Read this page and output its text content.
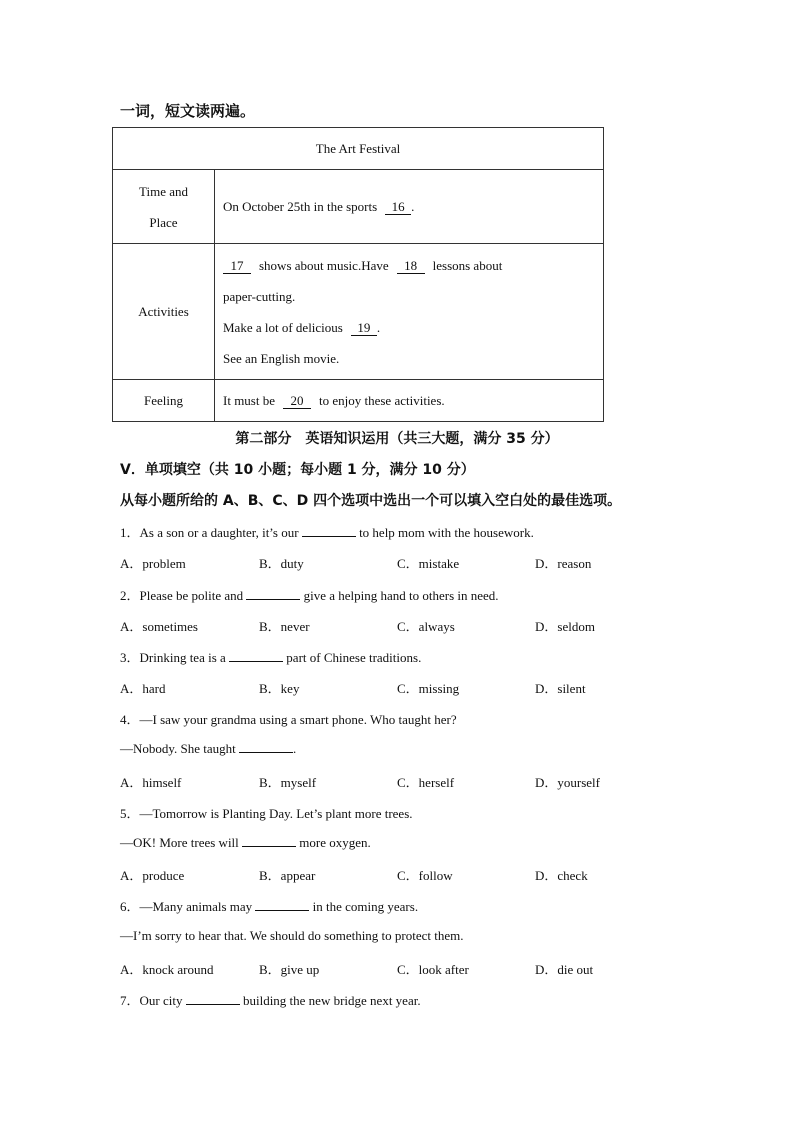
一词，短文读两遍。
The Art Festival	

Time and
Place	On October 25th in the sports 16 .

Activities	17 shows about music.Have 18 lessons about
paper-cutting.
Make a lot of delicious 19 .
See an English movie.

Feeling	It must be 20 to enjoy these activities.
第二部分　英语知识运用（共三大题，满分 35 分）
Ⅴ．单项填空（共 10 小题；每小题 1 分，满分 10 分）
从每小题所给的 A、B、C、D 四个选项中选出一个可以填入空白处的最佳选项。
1．As a son or a daughter, it’s our	to help mom with the housework.
A．problem	B．duty	C．mistake	D．reason
2．Please be polite and	give a helping hand to others in need.
A．sometimes	B．never	C．always	D．seldom
3．Drinking tea is a	part of Chinese traditions.
A．hard	B．key	C．missing	D．silent
4．—I saw your grandma using a smart phone. Who taught her?
—Nobody. She taught	.
A．himself	B．myself	C．herself	D．yourself
5．—Tomorrow is Planting Day. Let’s plant more trees.
—OK! More trees will	more oxygen.
A．produce	B．appear	C．follow	D．check
6．—Many animals may	in the coming years.
—I’m sorry to hear that. We should do something to protect them.
A．knock around	B．give up	C．look after	D．die out
7．Our city	building the new bridge next year.
